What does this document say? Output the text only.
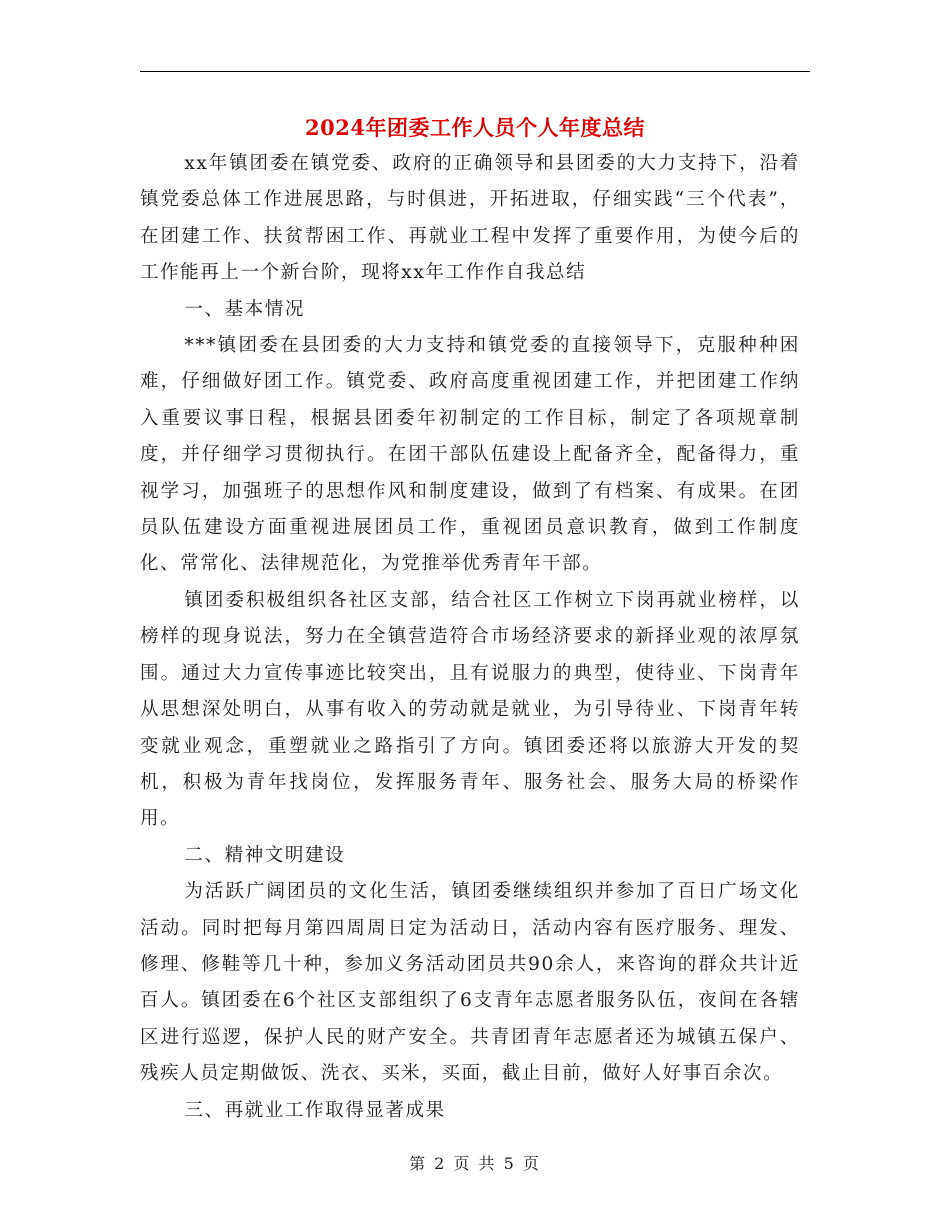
2024年团委工作人员个人年度总结

xx年镇团委在镇党委、政府的正确领导和县团委的大力支持下，沿着镇党委总体工作进展思路，与时俱进，开拓进取，仔细实践“三个代表”，在团建工作、扶贫帮困工作、再就业工程中发挥了重要作用，为使今后的工作能再上一个新台阶，现将xx年工作作自我总结

一、基本情况

***镇团委在县团委的大力支持和镇党委的直接领导下，克服种种困难，仔细做好团工作。镇党委、政府高度重视团建工作，并把团建工作纳入重要议事日程，根据县团委年初制定的工作目标，制定了各项规章制度，并仔细学习贯彻执行。在团干部队伍建设上配备齐全，配备得力，重视学习，加强班子的思想作风和制度建设，做到了有档案、有成果。在团员队伍建设方面重视进展团员工作，重视团员意识教育，做到工作制度化、常常化、法律规范化，为党推举优秀青年干部。

镇团委积极组织各社区支部，结合社区工作树立下岗再就业榜样，以榜样的现身说法，努力在全镇营造符合市场经济要求的新择业观的浓厚氛围。通过大力宣传事迹比较突出，且有说服力的典型，使待业、下岗青年从思想深处明白，从事有收入的劳动就是就业，为引导待业、下岗青年转变就业观念，重塑就业之路指引了方向。镇团委还将以旅游大开发的契机，积极为青年找岗位，发挥服务青年、服务社会、服务大局的桥梁作用。

二、精神文明建设

为活跃广阔团员的文化生活，镇团委继续组织并参加了百日广场文化活动。同时把每月第四周周日定为活动日，活动内容有医疗服务、理发、修理、修鞋等几十种，参加义务活动团员共90余人，来咨询的群众共计近百人。镇团委在6个社区支部组织了6支青年志愿者服务队伍，夜间在各辖区进行巡逻，保护人民的财产安全。共青团青年志愿者还为城镇五保户、残疾人员定期做饭、洗衣、买米，买面，截止目前，做好人好事百余次。

三、再就业工作取得显著成果

第 2 页 共 5 页
